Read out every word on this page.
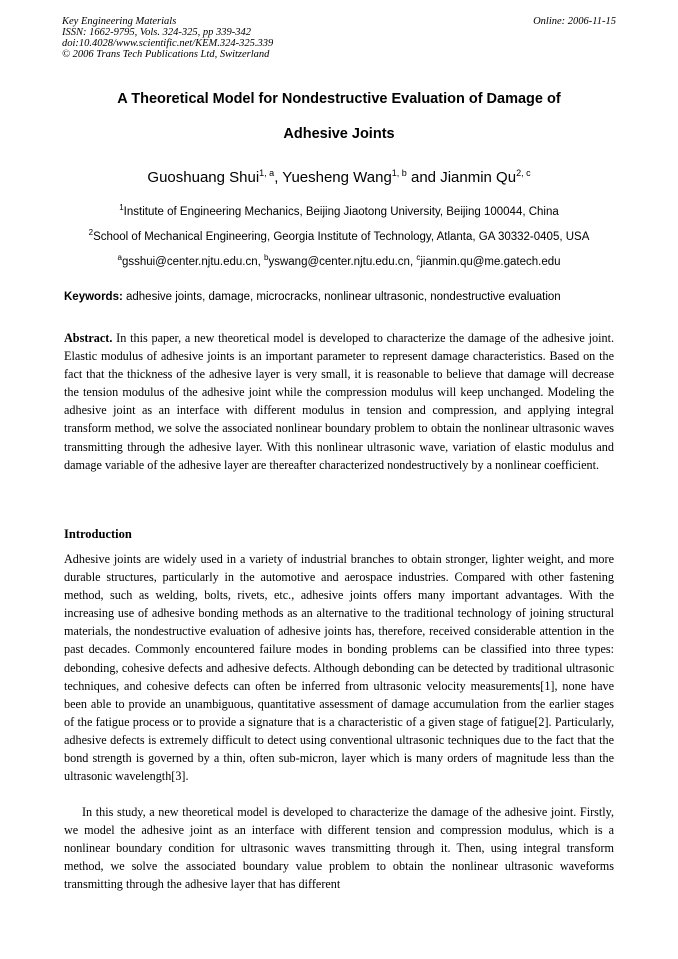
Key Engineering Materials
ISSN: 1662-9795, Vols. 324-325, pp 339-342
doi:10.4028/www.scientific.net/KEM.324-325.339
© 2006 Trans Tech Publications Ltd, Switzerland
Online: 2006-11-15
A Theoretical Model for Nondestructive Evaluation of Damage of
Adhesive Joints
Guoshuang Shui$^{1, a}$, Yuesheng Wang$^{1, b}$ and Jianmin Qu$^{2, c}$
$^1$Institute of Engineering Mechanics, Beijing Jiaotong University, Beijing 100044, China
$^2$School of Mechanical Engineering, Georgia Institute of Technology, Atlanta, GA 30332-0405, USA
$^a$gsshui@center.njtu.edu.cn, $^b$yswang@center.njtu.edu.cn, $^c$jianmin.qu@me.gatech.edu
Keywords: adhesive joints, damage, microcracks, nonlinear ultrasonic, nondestructive evaluation
Abstract. In this paper, a new theoretical model is developed to characterize the damage of the adhesive joint. Elastic modulus of adhesive joints is an important parameter to represent damage characteristics. Based on the fact that the thickness of the adhesive layer is very small, it is reasonable to believe that damage will decrease the tension modulus of the adhesive joint while the compression modulus will keep unchanged. Modeling the adhesive joint as an interface with different modulus in tension and compression, and applying integral transform method, we solve the associated nonlinear boundary problem to obtain the nonlinear ultrasonic waves transmitting through the adhesive layer. With this nonlinear ultrasonic wave, variation of elastic modulus and damage variable of the adhesive layer are thereafter characterized nondestructively by a nonlinear coefficient.
Introduction
Adhesive joints are widely used in a variety of industrial branches to obtain stronger, lighter weight, and more durable structures, particularly in the automotive and aerospace industries. Compared with other fastening method, such as welding, bolts, rivets, etc., adhesive joints offers many important advantages. With the increasing use of adhesive bonding methods as an alternative to the traditional technology of joining structural materials, the nondestructive evaluation of adhesive joints has, therefore, received considerable attention in the past decades. Commonly encountered failure modes in bonding problems can be classified into three types: debonding, cohesive defects and adhesive defects. Although debonding can be detected by traditional ultrasonic techniques, and cohesive defects can often be inferred from ultrasonic velocity measurements[1], none have been able to provide an unambiguous, quantitative assessment of damage accumulation from the earlier stages of the fatigue process or to provide a signature that is a characteristic of a given stage of fatigue[2]. Particularly, adhesive defects is extremely difficult to detect using conventional ultrasonic techniques due to the fact that the bond strength is governed by a thin, often sub-micron, layer which is many orders of magnitude less than the ultrasonic wavelength[3].
In this study, a new theoretical model is developed to characterize the damage of the adhesive joint. Firstly, we model the adhesive joint as an interface with different tension and compression modulus, which is a nonlinear boundary condition for ultrasonic waves transmitting through it. Then, using integral transform method, we solve the associated boundary value problem to obtain the nonlinear ultrasonic waveforms transmitting through the adhesive layer that has different
